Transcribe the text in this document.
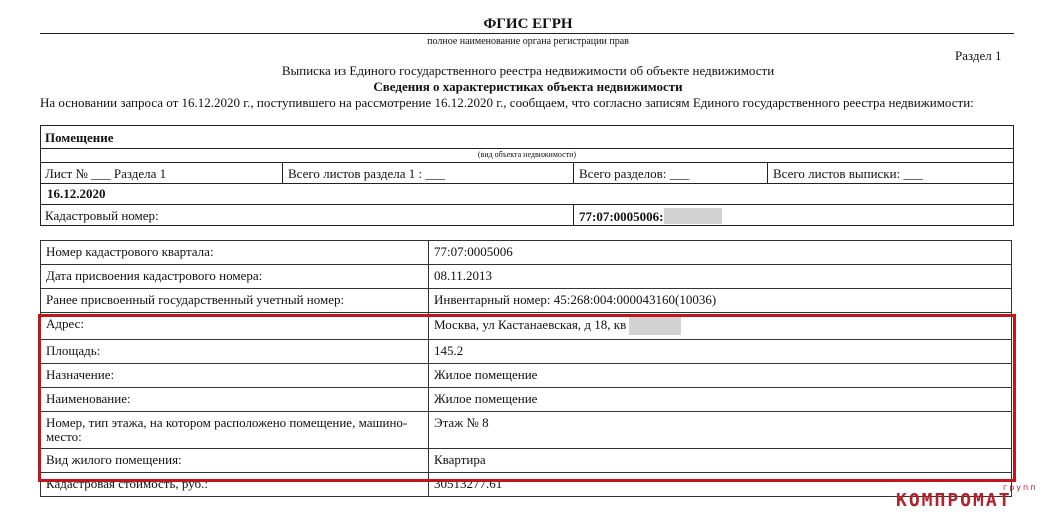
ФГИС ЕГРН
полное наименование органа регистрации прав
Раздел 1
Выписка из Единого государственного реестра недвижимости об объекте недвижимости
Сведения о характеристиках объекта недвижимости
На основании запроса от 16.12.2020 г., поступившего на рассмотрение 16.12.2020 г., сообщаем, что согласно записям Единого государственного реестра недвижимости:
Помещение
(вид объекта недвижимости)
Лист № ___ Раздела 1	Всего листов раздела 1 : ___	Всего разделов: ___	Всего листов выписки: ___
16.12.2020
Кадастровый номер:	77:07:0005006:
Номер кадастрового квартала:	77:07:0005006
Дата присвоения кадастрового номера:	08.11.2013
Ранее присвоенный государственный учетный номер:	Инвентарный номер: 45:268:004:000043160(10036)
Адрес:	Москва, ул Кастанаевская, д 18, кв
Площадь:	145.2
Назначение:	Жилое помещение
Наименование:	Жилое помещение
Номер, тип этажа, на котором расположено помещение, машино-место:	Этаж № 8
Вид жилого помещения:	Квартира
Кадастровая стоимость, руб.:	30513277.61	групп
КОМПРОМАТ
